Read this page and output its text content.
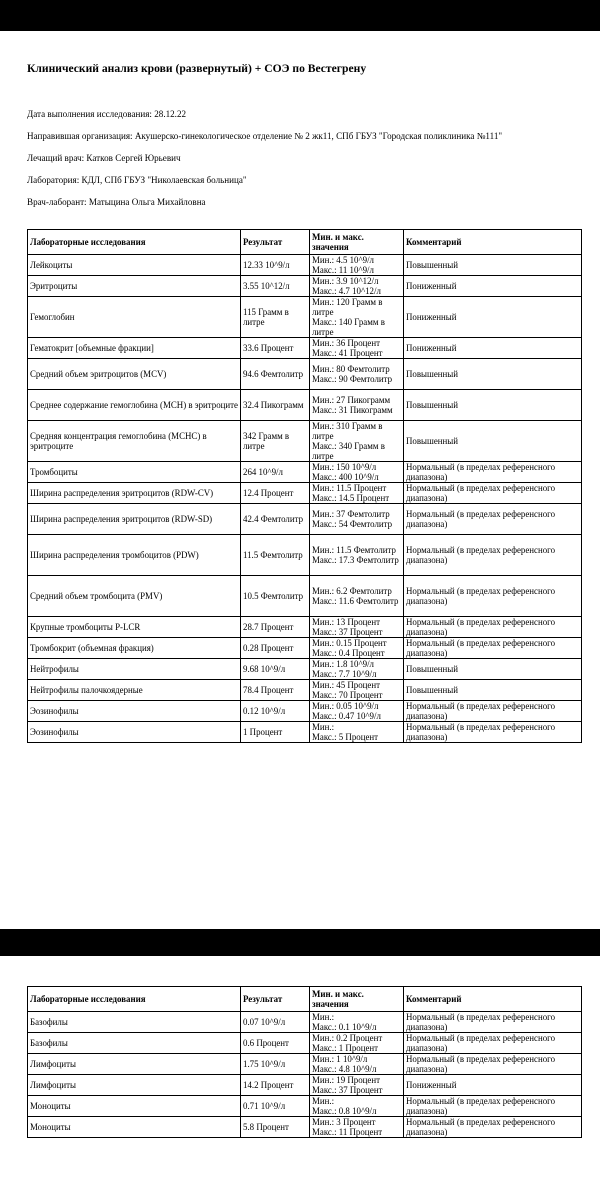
Клинический анализ крови (развернутый) + СОЭ по Вестегрену
Дата выполнения исследования: 28.12.22
Направившая организация: Акушерско-гинекологическое отделение № 2 жк11, СПб ГБУЗ "Городская поликлиника №111"
Лечащий врач: Катков Сергей Юрьевич
Лаборатория: КДЛ, СПб ГБУЗ "Николаевская больница"
Врач-лаборант: Матыцина Ольга Михайловна
Лабораторные исследования	Результат	Мин. и макс. значения	Комментарий
Лейкоциты	12.33 10^9/л	Мин.: 4.5 10^9/л
Макс.: 11 10^9/л	Повышенный
Эритроциты	3.55 10^12/л	Мин.: 3.9 10^12/л
Макс.: 4.7 10^12/л	Пониженный
Гемоглобин	115 Грамм в литре	Мин.: 120 Грамм в литре
Макс.: 140 Грамм в литре	Пониженный
Гематокрит [объемные фракции]	33.6 Процент	Мин.: 36 Процент
Макс.: 41 Процент	Пониженный
Средний объем эритроцитов (MCV)	94.6 Фемтолитр	Мин.: 80 Фемтолитр
Макс.: 90 Фемтолитр	Повышенный
Среднее содержание гемоглобина (MCH) в эритроците	32.4 Пикограмм	Мин.: 27 Пикограмм
Макс.: 31 Пикограмм	Повышенный
Средняя концентрация гемоглобина (MCHC) в эритроците	342 Грамм в литре	Мин.: 310 Грамм в литре
Макс.: 340 Грамм в литре	Повышенный
Тромбоциты	264 10^9/л	Мин.: 150 10^9/л
Макс.: 400 10^9/л	Нормальный (в пределах референсного диапазона)
Ширина распределения эритроцитов (RDW-CV)	12.4 Процент	Мин.: 11.5 Процент
Макс.: 14.5 Процент	Нормальный (в пределах референсного диапазона)
Ширина распределения эритроцитов (RDW-SD)	42.4 Фемтолитр	Мин.: 37 Фемтолитр
Макс.: 54 Фемтолитр	Нормальный (в пределах референсного диапазона)
Ширина распределения тромбоцитов (PDW)	11.5 Фемтолитр	Мин.: 11.5 Фемтолитр
Макс.: 17.3 Фемтолитр	Нормальный (в пределах референсного диапазона)
Средний объем тромбоцита (PMV)	10.5 Фемтолитр	Мин.: 6.2 Фемтолитр
Макс.: 11.6 Фемтолитр	Нормальный (в пределах референсного диапазона)
Крупные тромбоциты P-LCR	28.7 Процент	Мин.: 13 Процент
Макс.: 37 Процент	Нормальный (в пределах референсного диапазона)
Тромбокрит (объемная фракция)	0.28 Процент	Мин.: 0.15 Процент
Макс.: 0.4 Процент	Нормальный (в пределах референсного диапазона)
Нейтрофилы	9.68 10^9/л	Мин.: 1.8 10^9/л
Макс.: 7.7 10^9/л	Повышенный
Нейтрофилы палочкоядерные	78.4 Процент	Мин.: 45 Процент
Макс.: 70 Процент	Повышенный
Эозинофилы	0.12 10^9/л	Мин.: 0.05 10^9/л
Макс.: 0.47 10^9/л	Нормальный (в пределах референсного диапазона)
Эозинофилы	1 Процент	Мин.:
Макс.: 5 Процент	Нормальный (в пределах референсного диапазона)
Лабораторные исследования	Результат	Мин. и макс. значения	Комментарий
Базофилы	0.07 10^9/л	Мин.:
Макс.: 0.1 10^9/л	Нормальный (в пределах референсного диапазона)
Базофилы	0.6 Процент	Мин.: 0.2 Процент
Макс.: 1 Процент	Нормальный (в пределах референсного диапазона)
Лимфоциты	1.75 10^9/л	Мин.: 1 10^9/л
Макс.: 4.8 10^9/л	Нормальный (в пределах референсного диапазона)
Лимфоциты	14.2 Процент	Мин.: 19 Процент
Макс.: 37 Процент	Пониженный
Моноциты	0.71 10^9/л	Мин.:
Макс.: 0.8 10^9/л	Нормальный (в пределах референсного диапазона)
Моноциты	5.8 Процент	Мин.: 3 Процент
Макс.: 11 Процент	Нормальный (в пределах референсного диапазона)
